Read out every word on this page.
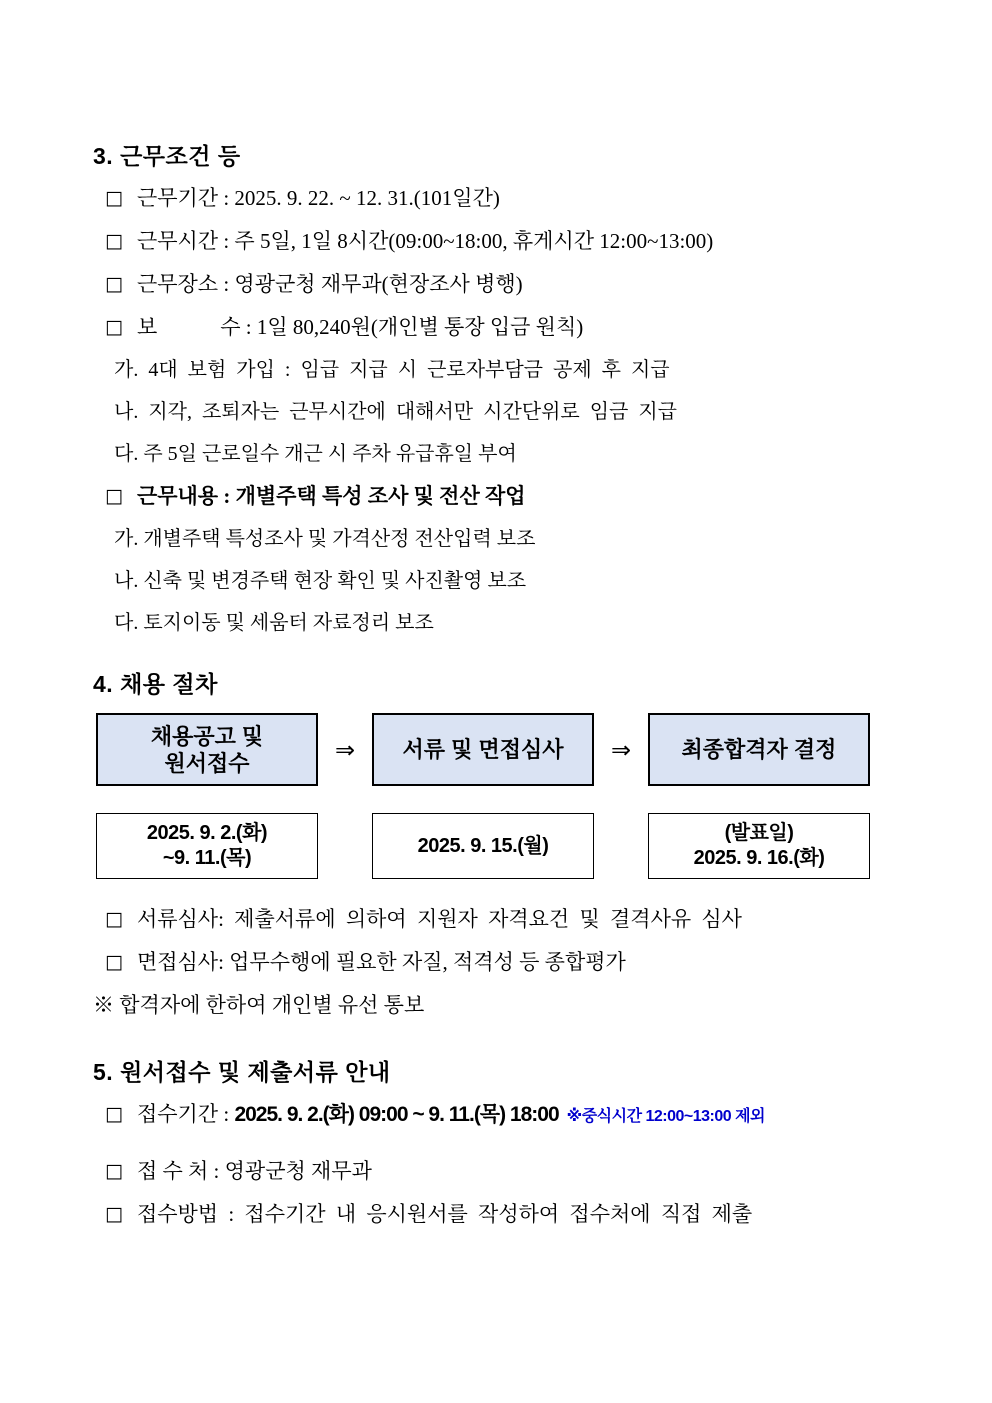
3. 근무조건 등
□ 근무기간 : 2025. 9. 22. ~ 12. 31.(101일간)
□ 근무시간 : 주 5일, 1일 8시간(09:00~18:00, 휴게시간 12:00~13:00)
□ 근무장소 : 영광군청 재무과(현장조사 병행)
□ 보　　　수 : 1일 80,240원(개인별 통장 입금 원칙)
가. 4대 보험 가입 : 임급 지급 시 근로자부담금 공제 후 지급
나. 지각, 조퇴자는 근무시간에 대해서만 시간단위로 임금 지급
다. 주 5일 근로일수 개근 시 주차 유급휴일 부여
□ 근무내용 : 개별주택 특성 조사 및 전산 작업
가. 개별주택 특성조사 및 가격산정 전산입력 보조
나. 신축 및 변경주택 현장 확인 및 사진촬영 보조
다. 토지이동 및 세움터 자료정리 보조
4. 채용 절차
채용공고 및
원서접수	⇒	서류 및 면접심사	⇒	최종합격자 결정
2025. 9. 2.(화)
~9. 11.(목)
2025. 9. 15.(월)
(발표일)
2025. 9. 16.(화)
□ 서류심사: 제출서류에 의하여 지원자 자격요건 및 결격사유 심사
□ 면접심사: 업무수행에 필요한 자질, 적격성 등 종합평가
※ 합격자에 한하여 개인별 유선 통보
5. 원서접수 및 제출서류 안내
□ 접수기간 : 2025. 9. 2.(화) 09:00 ~ 9. 11.(목) 18:00 ※중식시간 12:00~13:00 제외
□ 접 수 처 : 영광군청 재무과
□ 접수방법 : 접수기간 내 응시원서를 작성하여 접수처에 직접 제출
